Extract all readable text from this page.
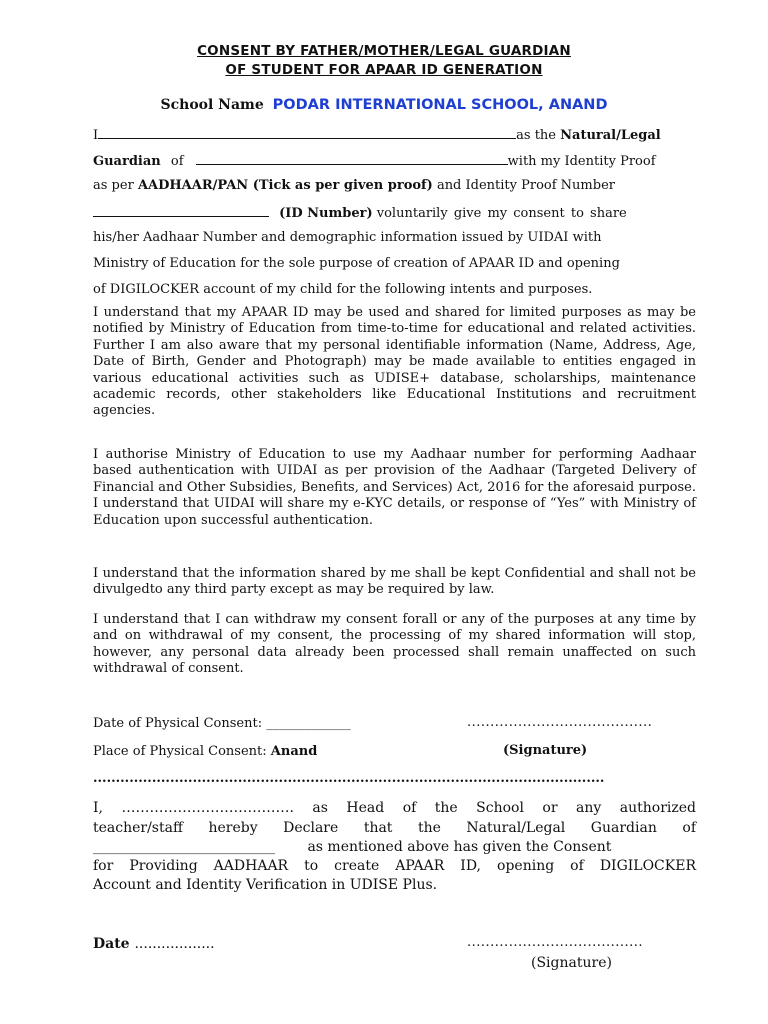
CONSENT BY FATHER/MOTHER/LEGAL GUARDIAN
OF STUDENT FOR APAAR ID GENERATION
School Name PODAR INTERNATIONAL SCHOOL, ANAND
I	as the Natural/Legal
Guardian of	with my Identity Proof
as per AADHAAR/PAN (Tick as per given proof) and Identity Proof Number
(ID Number) voluntarily give my consent to share
his/her Aadhaar Number and demographic information issued by UIDAI with
Ministry of Education for the sole purpose of creation of APAAR ID and opening
of DIGILOCKER account of my child for the following intents and purposes.

I understand that my APAAR ID may be used and shared for limited purposes as may be notified by Ministry of Education from time-to-time for educational and related activities. Further I am also aware that my personal identifiable information (Name, Address, Age, Date of Birth, Gender and Photograph) may be made available to entities engaged in various educational activities such as UDISE+ database, scholarships, maintenance academic records, other stakeholders like Educational Institutions and recruitment agencies.

I authorise Ministry of Education to use my Aadhaar number for performing Aadhaar based authentication with UIDAI as per provision of the Aadhaar (Targeted Delivery of Financial and Other Subsidies, Benefits, and Services) Act, 2016 for the aforesaid purpose. I understand that UIDAI will share my e-KYC details, or response of “Yes” with Ministry of Education upon successful authentication.

I understand that the information shared by me shall be kept Confidential and shall not be divulgedto any third party except as may be required by law.

I understand that I can withdraw my consent forall or any of the purposes at any time by and on withdrawal of my consent, the processing of my shared information will stop, however, any personal data already been processed shall remain unaffected on such withdrawal of consent.

Date of Physical Consent: _____________	........................................
Place of Physical Consent: Anand	(Signature)
.................................................................................................................
I, ………………………………. as Head of the School or any authorized
teacher/staff hereby Declare that the Natural/Legal Guardian of
__________________________ as mentioned above has given the Consent
for Providing AADHAAR to create APAAR ID, opening of DIGILOCKER
Account and Identity Verification in UDISE Plus.
Date ..................	......................................
(Signature)
